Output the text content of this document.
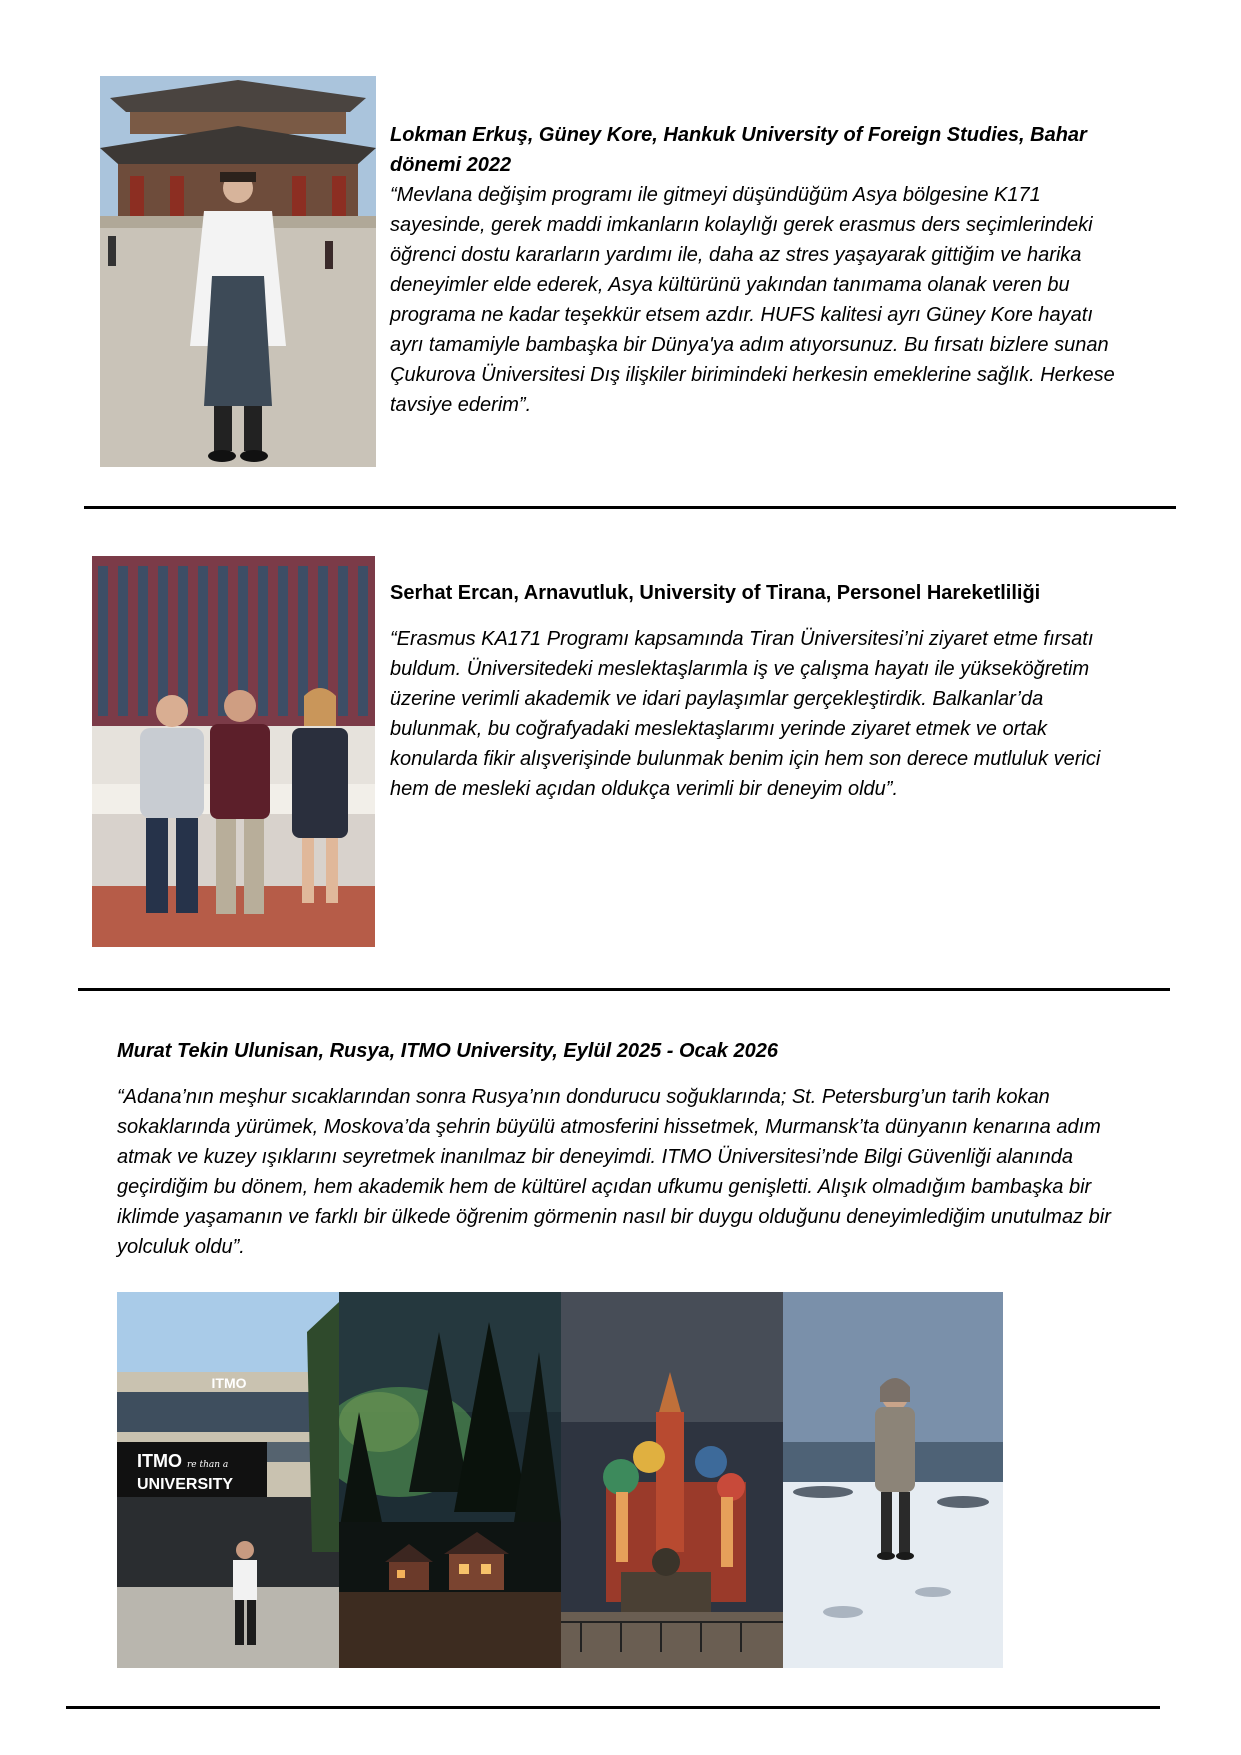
Lokman Erkuş, Güney Kore, Hankuk University of Foreign Studies, Bahar dönemi 2022
“Mevlana değişim programı ile gitmeyi düşündüğüm Asya bölgesine K171 sayesinde, gerek maddi imkanların kolaylığı gerek erasmus ders seçimlerindeki öğrenci dostu kararların yardımı ile, daha az stres yaşayarak gittiğim ve harika deneyimler elde ederek, Asya kültürünü yakından tanımama olanak veren bu programa ne kadar teşekkür etsem azdır. HUFS kalitesi ayrı Güney Kore hayatı ayrı tamamiyle bambaşka bir Dünya'ya adım atıyorsunuz. Bu fırsatı bizlere sunan Çukurova Üniversitesi Dış ilişkiler birimindeki herkesin emeklerine sağlık. Herkese tavsiye ederim”.
Serhat Ercan, Arnavutluk, University of Tirana, Personel Hareketliliği
“Erasmus KA171 Programı kapsamında Tiran Üniversitesi’ni ziyaret etme fırsatı buldum. Üniversitedeki meslektaşlarımla iş ve çalışma hayatı ile yükseköğretim üzerine verimli akademik ve idari paylaşımlar gerçekleştirdik. Balkanlar’da bulunmak, bu coğrafyadaki meslektaşlarımı yerinde ziyaret etmek ve ortak konularda fikir alışverişinde bulunmak benim için hem son derece mutluluk verici hem de mesleki açıdan oldukça verimli bir deneyim oldu”.
Murat Tekin Ulunisan, Rusya, ITMO University, Eylül 2025 - Ocak 2026
“Adana’nın meşhur sıcaklarından sonra Rusya’nın dondurucu soğuklarında; St. Petersburg’un tarih kokan sokaklarında yürümek, Moskova’da şehrin büyülü atmosferini hissetmek, Murmansk’ta dünyanın kenarına adım atmak ve kuzey ışıklarını seyretmek inanılmaz bir deneyimdi. ITMO Üniversitesi’nde Bilgi Güvenliği alanında geçirdiğim bu dönem, hem akademik hem de kültürel açıdan ufkumu genişletti. Alışık olmadığım bambaşka bir iklimde yaşamanın ve farklı bir ülkede öğrenim görmenin nasıl bir duygu olduğunu deneyimlediğim unutulmaz bir yolculuk oldu”.
ITMO
ITMO re than a
UNIVERSITY
